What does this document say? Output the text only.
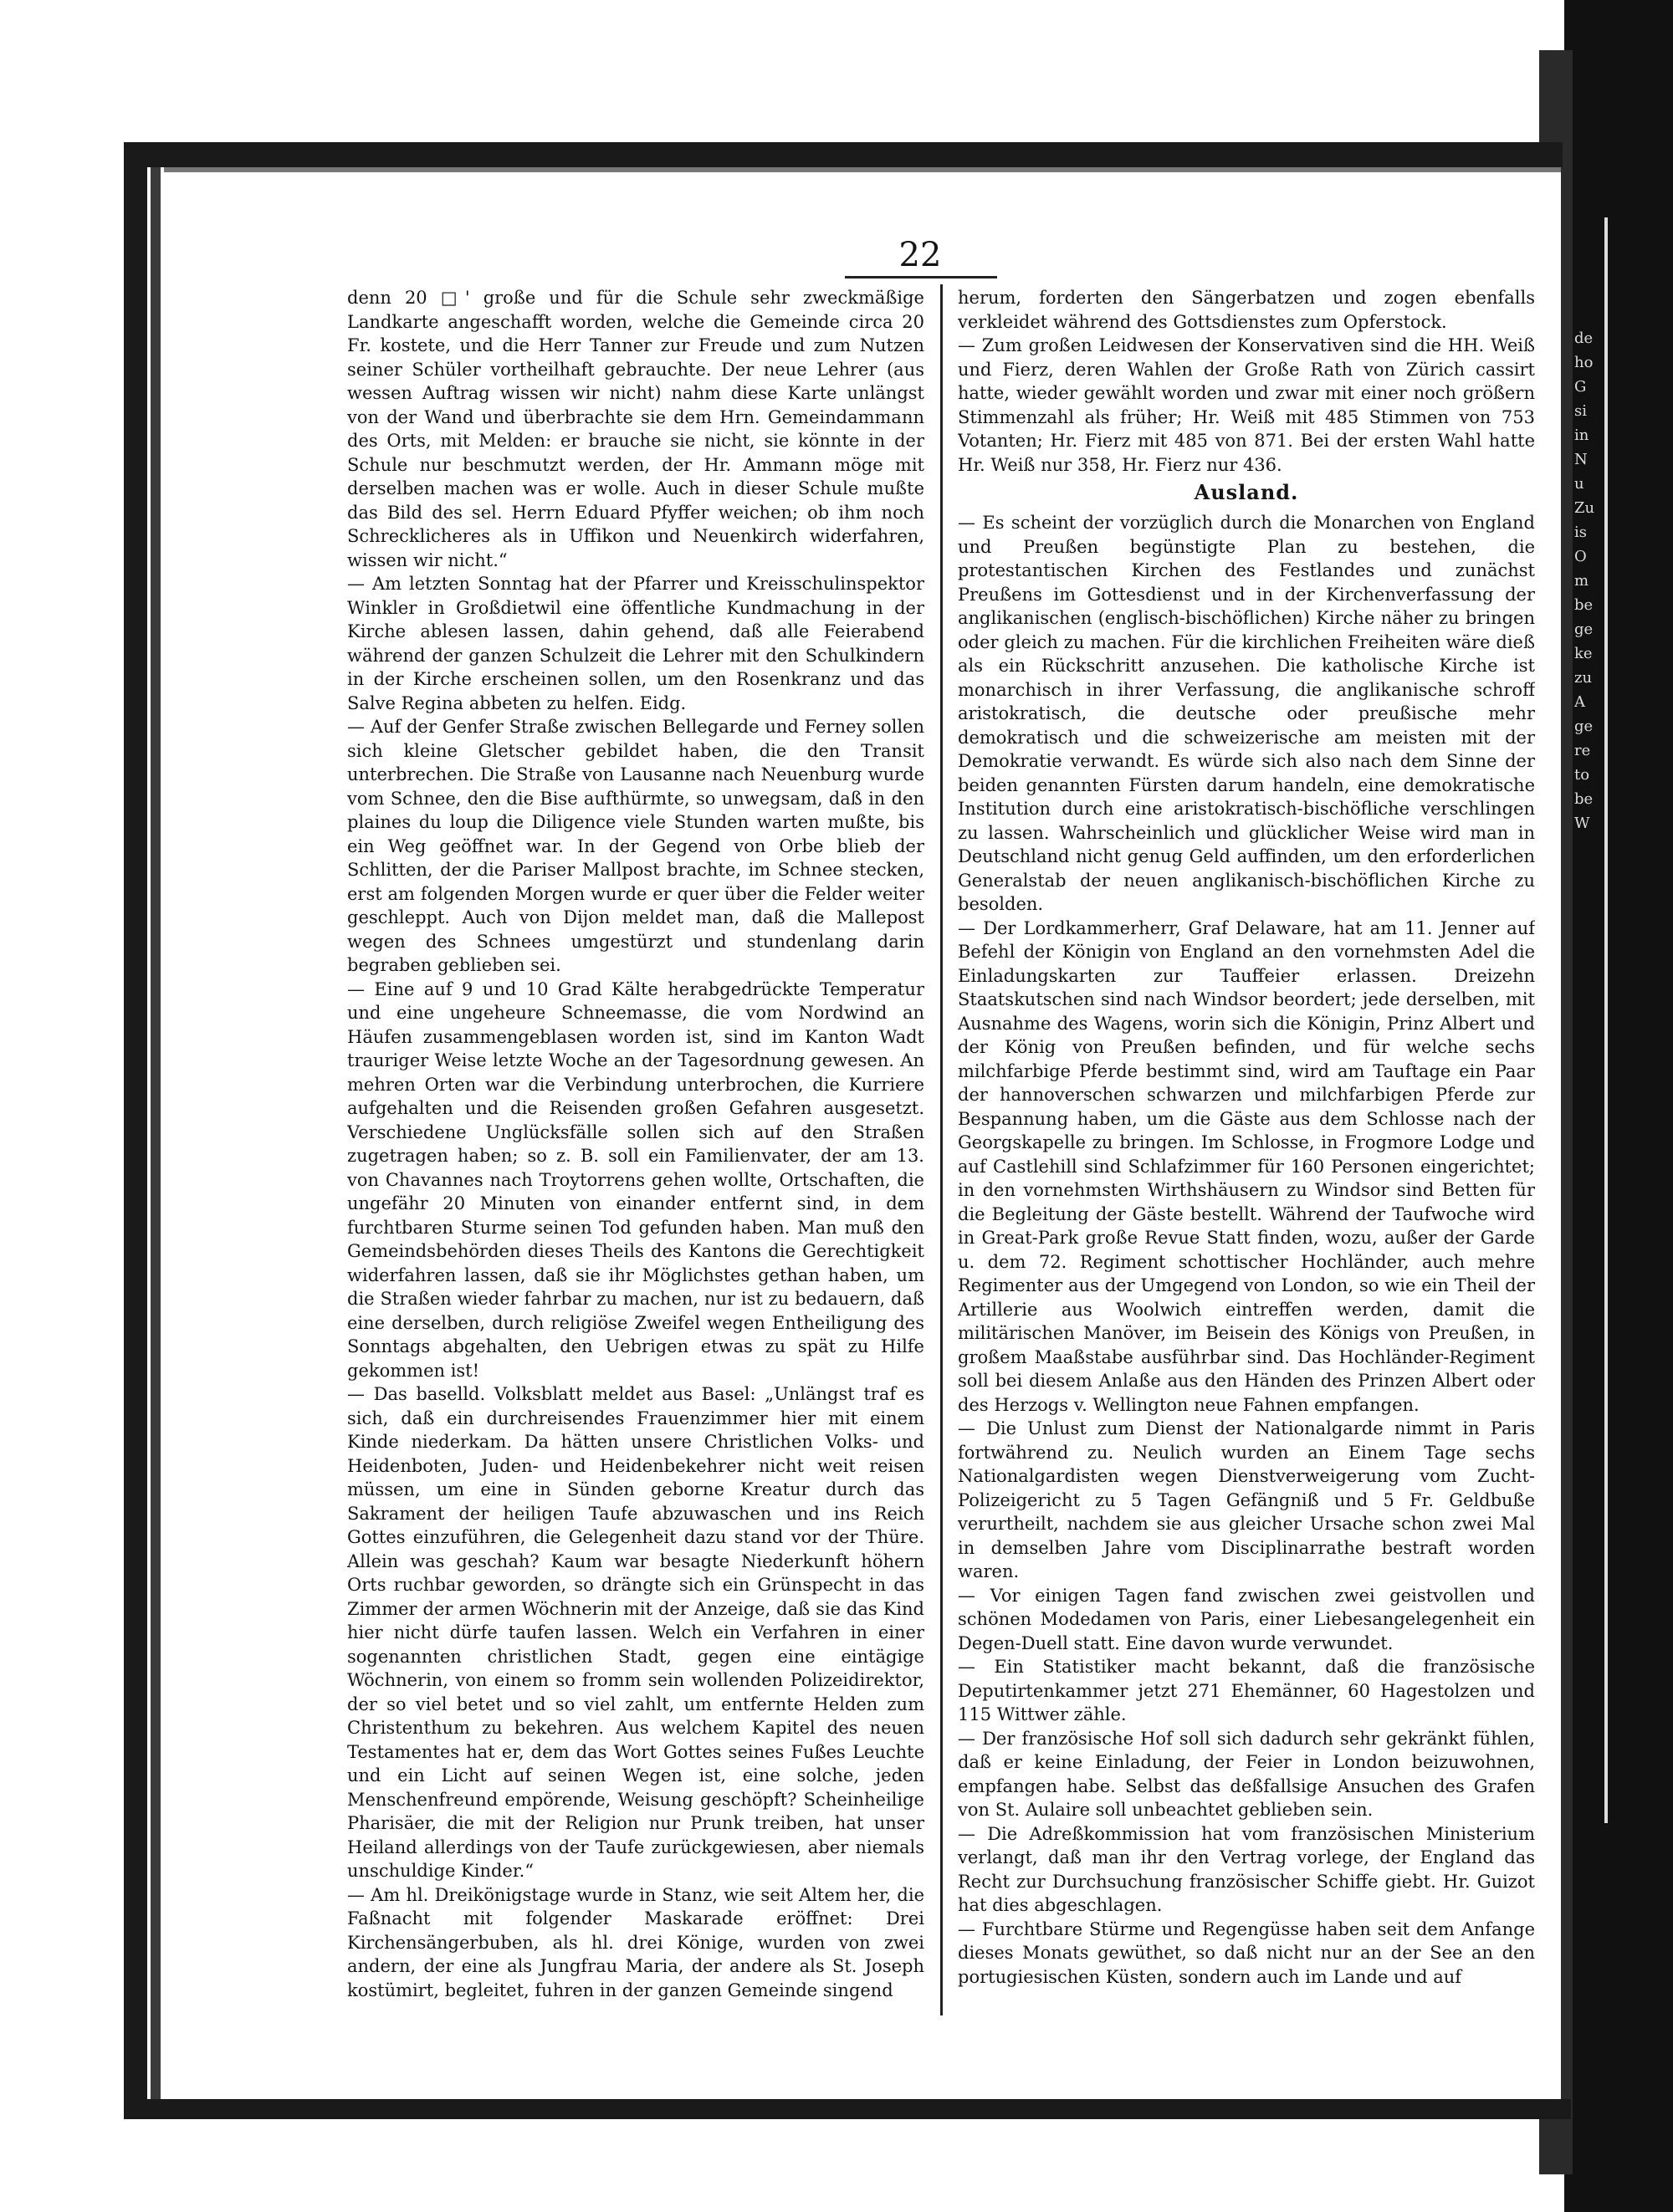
22

denn 20 □' große und für die Schule sehr zweckmäßige Landkarte angeschafft worden, welche die Gemeinde circa 20 Fr. kostete, und die Herr Tanner zur Freude und zum Nutzen seiner Schüler vortheilhaft gebrauchte. Der neue Lehrer (aus wessen Auftrag wissen wir nicht) nahm diese Karte unlängst von der Wand und überbrachte sie dem Hrn. Gemeindammann des Orts, mit Melden: er brauche sie nicht, sie könnte in der Schule nur beschmutzt werden, der Hr. Ammann möge mit derselben machen was er wolle. Auch in dieser Schule mußte das Bild des sel. Herrn Eduard Pfyffer weichen; ob ihm noch Schrecklicheres als in Uffikon und Neuenkirch widerfahren, wissen wir nicht.“

— Am letzten Sonntag hat der Pfarrer und Kreisschulinspektor Winkler in Großdietwil eine öffentliche Kundmachung in der Kirche ablesen lassen, dahin gehend, daß alle Feierabend während der ganzen Schulzeit die Lehrer mit den Schulkindern in der Kirche erscheinen sollen, um den Rosenkranz und das Salve Regina abbeten zu helfen. Eidg.

— Auf der Genfer Straße zwischen Bellegarde und Ferney sollen sich kleine Gletscher gebildet haben, die den Transit unterbrechen. Die Straße von Lausanne nach Neuenburg wurde vom Schnee, den die Bise aufthürmte, so unwegsam, daß in den plaines du loup die Diligence viele Stunden warten mußte, bis ein Weg geöffnet war. In der Gegend von Orbe blieb der Schlitten, der die Pariser Mallpost brachte, im Schnee stecken, erst am folgenden Morgen wurde er quer über die Felder weiter geschleppt. Auch von Dijon meldet man, daß die Mallepost wegen des Schnees umgestürzt und stundenlang darin begraben geblieben sei.

— Eine auf 9 und 10 Grad Kälte herabgedrückte Temperatur und eine ungeheure Schneemasse, die vom Nordwind an Häufen zusammengeblasen worden ist, sind im Kanton Wadt trauriger Weise letzte Woche an der Tagesordnung gewesen. An mehren Orten war die Verbindung unterbrochen, die Kurriere aufgehalten und die Reisenden großen Gefahren ausgesetzt. Verschiedene Unglücksfälle sollen sich auf den Straßen zugetragen haben; so z. B. soll ein Familienvater, der am 13. von Chavannes nach Troytorrens gehen wollte, Ortschaften, die ungefähr 20 Minuten von einander entfernt sind, in dem furchtbaren Sturme seinen Tod gefunden haben. Man muß den Gemeindsbehörden dieses Theils des Kantons die Gerechtigkeit widerfahren lassen, daß sie ihr Möglichstes gethan haben, um die Straßen wieder fahrbar zu machen, nur ist zu bedauern, daß eine derselben, durch religiöse Zweifel wegen Entheiligung des Sonntags abgehalten, den Uebrigen etwas zu spät zu Hilfe gekommen ist!

— Das baselld. Volksblatt meldet aus Basel: „Unlängst traf es sich, daß ein durchreisendes Frauenzimmer hier mit einem Kinde niederkam. Da hätten unsere Christlichen Volks- und Heidenboten, Juden- und Heidenbekehrer nicht weit reisen müssen, um eine in Sünden geborne Kreatur durch das Sakrament der heiligen Taufe abzuwaschen und ins Reich Gottes einzuführen, die Gelegenheit dazu stand vor der Thüre. Allein was geschah? Kaum war besagte Niederkunft höhern Orts ruchbar geworden, so drängte sich ein Grünspecht in das Zimmer der armen Wöchnerin mit der Anzeige, daß sie das Kind hier nicht dürfe taufen lassen. Welch ein Verfahren in einer sogenannten christlichen Stadt, gegen eine eintägige Wöchnerin, von einem so fromm sein wollenden Polizeidirektor, der so viel betet und so viel zahlt, um entfernte Helden zum Christenthum zu bekehren. Aus welchem Kapitel des neuen Testamentes hat er, dem das Wort Gottes seines Fußes Leuchte und ein Licht auf seinen Wegen ist, eine solche, jeden Menschenfreund empörende, Weisung geschöpft? Scheinheilige Pharisäer, die mit der Religion nur Prunk treiben, hat unser Heiland allerdings von der Taufe zurückgewiesen, aber niemals unschuldige Kinder.“

— Am hl. Dreikönigstage wurde in Stanz, wie seit Altem her, die Faßnacht mit folgender Maskarade eröffnet: Drei Kirchensängerbuben, als hl. drei Könige, wurden von zwei andern, der eine als Jungfrau Maria, der andere als St. Joseph kostümirt, begleitet, fuhren in der ganzen Gemeinde singend

herum, forderten den Sängerbatzen und zogen ebenfalls verkleidet während des Gottsdienstes zum Opferstock.

— Zum großen Leidwesen der Konservativen sind die HH. Weiß und Fierz, deren Wahlen der Große Rath von Zürich cassirt hatte, wieder gewählt worden und zwar mit einer noch größern Stimmenzahl als früher; Hr. Weiß mit 485 Stimmen von 753 Votanten; Hr. Fierz mit 485 von 871. Bei der ersten Wahl hatte Hr. Weiß nur 358, Hr. Fierz nur 436.

Ausland.

— Es scheint der vorzüglich durch die Monarchen von England und Preußen begünstigte Plan zu bestehen, die protestantischen Kirchen des Festlandes und zunächst Preußens im Gottesdienst und in der Kirchenverfassung der anglikanischen (englisch-bischöflichen) Kirche näher zu bringen oder gleich zu machen. Für die kirchlichen Freiheiten wäre dieß als ein Rückschritt anzusehen. Die katholische Kirche ist monarchisch in ihrer Verfassung, die anglikanische schroff aristokratisch, die deutsche oder preußische mehr demokratisch und die schweizerische am meisten mit der Demokratie verwandt. Es würde sich also nach dem Sinne der beiden genannten Fürsten darum handeln, eine demokratische Institution durch eine aristokratisch-bischöfliche verschlingen zu lassen. Wahrscheinlich und glücklicher Weise wird man in Deutschland nicht genug Geld auffinden, um den erforderlichen Generalstab der neuen anglikanisch-bischöflichen Kirche zu besolden.

— Der Lordkammerherr, Graf Delaware, hat am 11. Jenner auf Befehl der Königin von England an den vornehmsten Adel die Einladungskarten zur Tauffeier erlassen. Dreizehn Staatskutschen sind nach Windsor beordert; jede derselben, mit Ausnahme des Wagens, worin sich die Königin, Prinz Albert und der König von Preußen befinden, und für welche sechs milchfarbige Pferde bestimmt sind, wird am Tauftage ein Paar der hannoverschen schwarzen und milchfarbigen Pferde zur Bespannung haben, um die Gäste aus dem Schlosse nach der Georgskapelle zu bringen. Im Schlosse, in Frogmore Lodge und auf Castlehill sind Schlafzimmer für 160 Personen eingerichtet; in den vornehmsten Wirthshäusern zu Windsor sind Betten für die Begleitung der Gäste bestellt. Während der Taufwoche wird in Great-Park große Revue Statt finden, wozu, außer der Garde u. dem 72. Regiment schottischer Hochländer, auch mehre Regimenter aus der Umgegend von London, so wie ein Theil der Artillerie aus Woolwich eintreffen werden, damit die militärischen Manöver, im Beisein des Königs von Preußen, in großem Maaßstabe ausführbar sind. Das Hochländer-Regiment soll bei diesem Anlaße aus den Händen des Prinzen Albert oder des Herzogs v. Wellington neue Fahnen empfangen.

— Die Unlust zum Dienst der Nationalgarde nimmt in Paris fortwährend zu. Neulich wurden an Einem Tage sechs Nationalgardisten wegen Dienstverweigerung vom Zucht-Polizeigericht zu 5 Tagen Gefängniß und 5 Fr. Geldbuße verurtheilt, nachdem sie aus gleicher Ursache schon zwei Mal in demselben Jahre vom Disciplinarrathe bestraft worden waren.

— Vor einigen Tagen fand zwischen zwei geistvollen und schönen Modedamen von Paris, einer Liebesangelegenheit ein Degen-Duell statt. Eine davon wurde verwundet.

— Ein Statistiker macht bekannt, daß die französische Deputirtenkammer jetzt 271 Ehemänner, 60 Hagestolzen und 115 Wittwer zähle.

— Der französische Hof soll sich dadurch sehr gekränkt fühlen, daß er keine Einladung, der Feier in London beizuwohnen, empfangen habe. Selbst das deßfallsige Ansuchen des Grafen von St. Aulaire soll unbeachtet geblieben sein.

— Die Adreßkommission hat vom französischen Ministerium verlangt, daß man ihr den Vertrag vorlege, der England das Recht zur Durchsuchung französischer Schiffe giebt. Hr. Guizot hat dies abgeschlagen.

— Furchtbare Stürme und Regengüsse haben seit dem Anfange dieses Monats gewüthet, so daß nicht nur an der See an den portugiesischen Küsten, sondern auch im Lande und auf

de
ho
G
si
in
N
u
Zu
is
O
m
be
ge
ke
zu
A
ge
re
to
be
W
